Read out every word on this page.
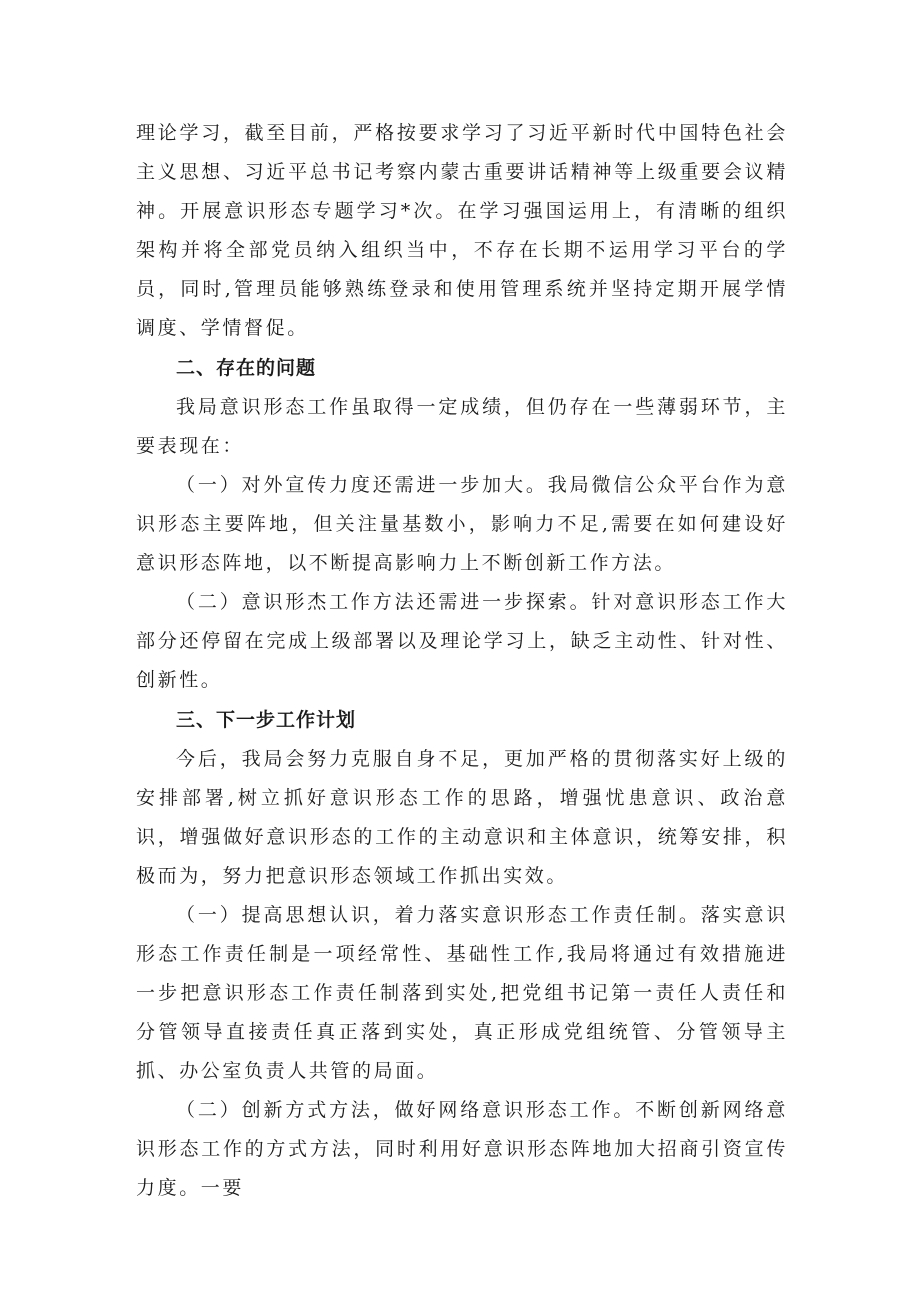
理论学习，截至目前，严格按要求学习了习近平新时代中国特色社会主义思想、习近平总书记考察内蒙古重要讲话精神等上级重要会议精神。开展意识形态专题学习*次。在学习强国运用上，有清晰的组织架构并将全部党员纳入组织当中，不存在长期不运用学习平台的学员，同时,管理员能够熟练登录和使用管理系统并坚持定期开展学情调度、学情督促。

二、存在的问题

我局意识形态工作虽取得一定成绩，但仍存在一些薄弱环节，主要表现在：

（一）对外宣传力度还需进一步加大。我局微信公众平台作为意识形态主要阵地，但关注量基数小，影响力不足,需要在如何建设好意识形态阵地，以不断提高影响力上不断创新工作方法。

（二）意识形杰工作方法还需进一步探索。针对意识形态工作大部分还停留在完成上级部署以及理论学习上，缺乏主动性、针对性、创新性。

三、下一步工作计划

今后，我局会努力克服自身不足，更加严格的贯彻落实好上级的安排部署,树立抓好意识形态工作的思路，增强忧患意识、政治意识，增强做好意识形态的工作的主动意识和主体意识，统筹安排，积极而为，努力把意识形态领域工作抓出实效。

（一）提高思想认识，着力落实意识形态工作责任制。落实意识形态工作责任制是一项经常性、基础性工作,我局将通过有效措施进一步把意识形态工作责任制落到实处,把党组书记第一责任人责任和分管领导直接责任真正落到实处，真正形成党组统管、分管领导主抓、办公室负责人共管的局面。

（二）创新方式方法，做好网络意识形态工作。不断创新网络意识形态工作的方式方法，同时利用好意识形态阵地加大招商引资宣传力度。一要
